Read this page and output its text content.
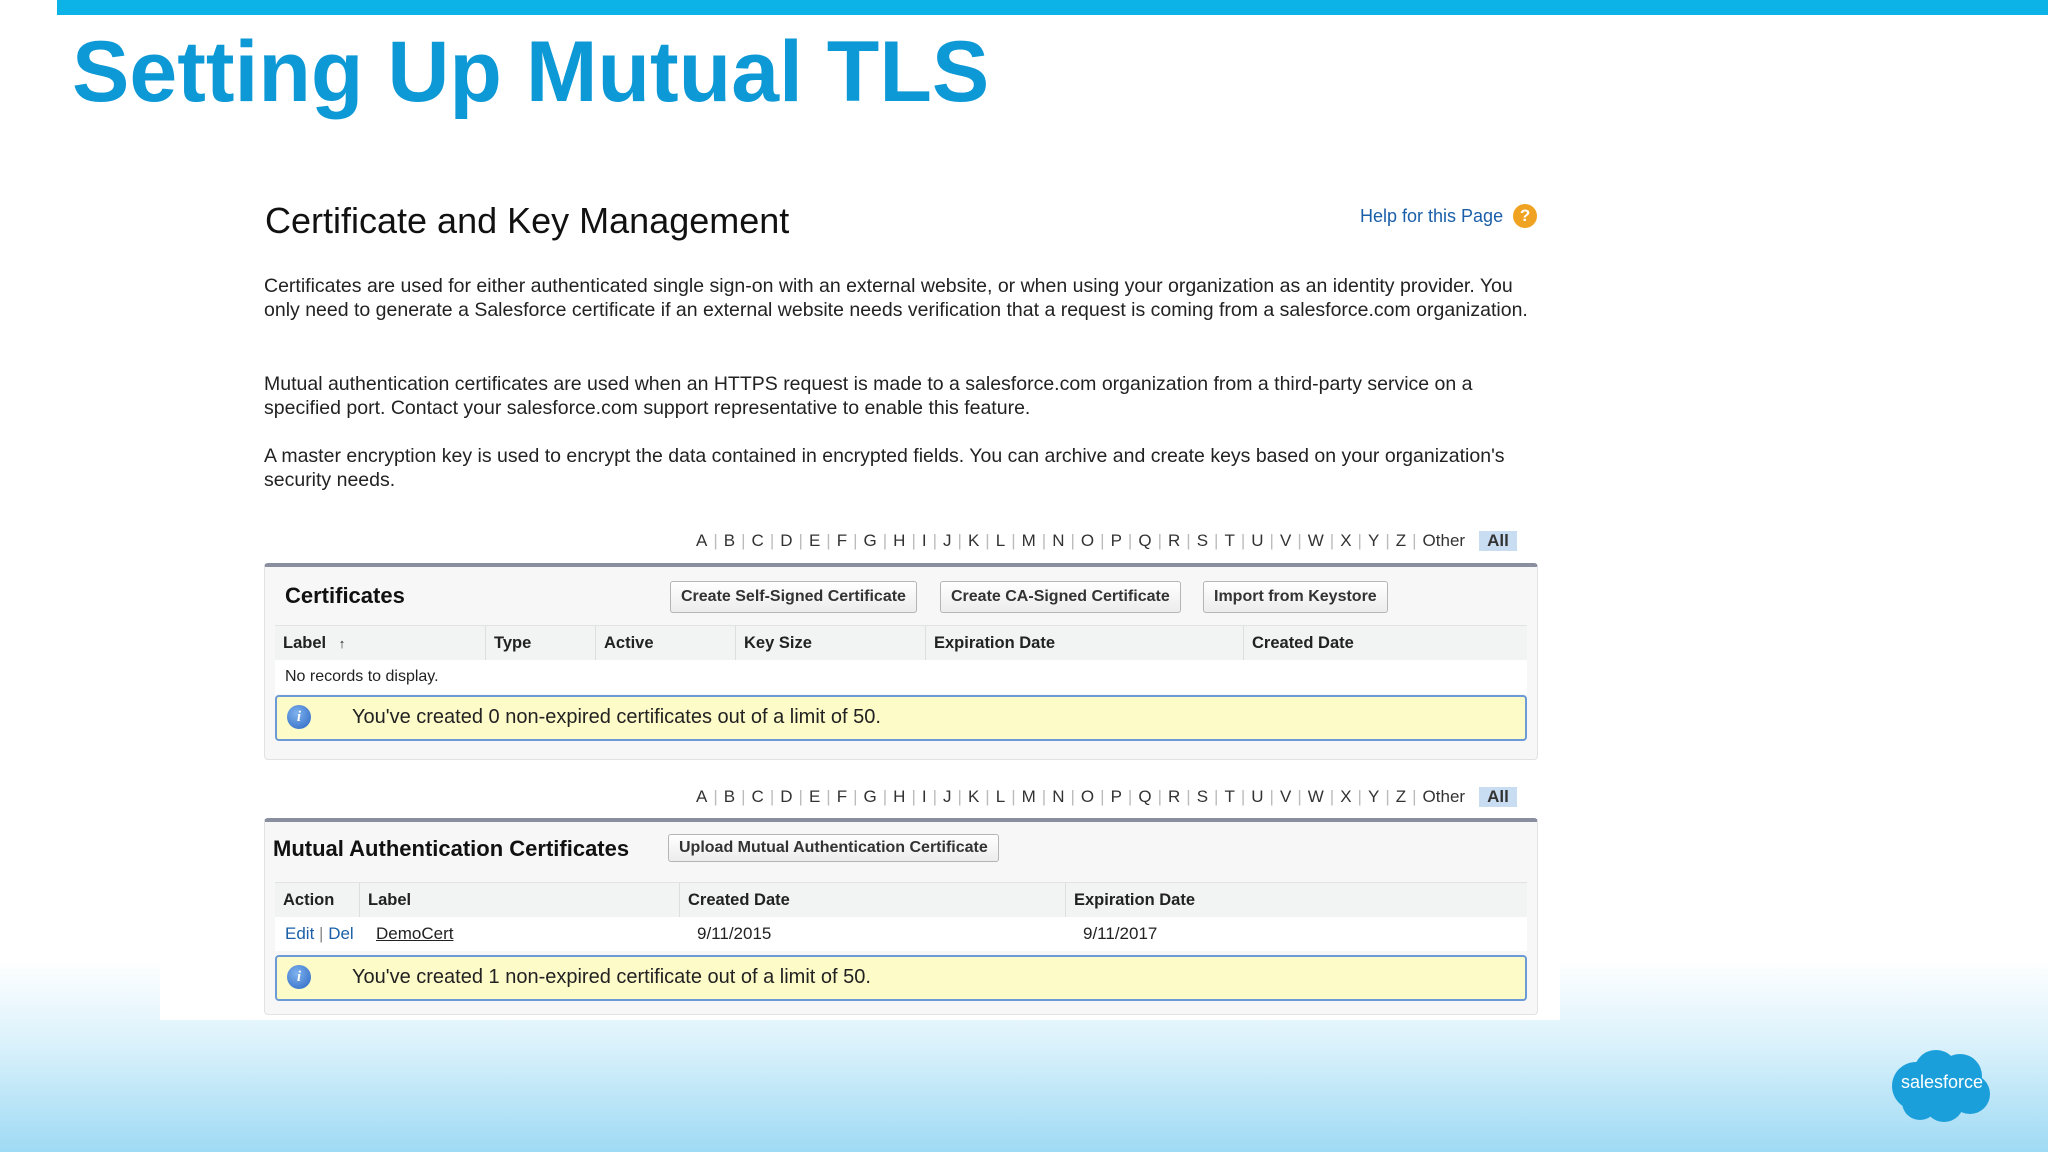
Setting Up Mutual TLS
Certificate and Key Management	Help for this Page ?

Certificates are used for either authenticated single sign-on with an external website, or when using your organization as an identity provider. You only need to generate a Salesforce certificate if an external website needs verification that a request is coming from a salesforce.com organization.

Mutual authentication certificates are used when an HTTPS request is made to a salesforce.com organization from a third-party service on a specified port. Contact your salesforce.com support representative to enable this feature.

A master encryption key is used to encrypt the data contained in encrypted fields. You can archive and create keys based on your organization's security needs.

A | B | C | D | E | F | G | H | I | J | K | L | M | N | O | P | Q | R | S | T | U | V | W | X | Y | Z | Other	All
Certificates	Create Self-Signed Certificate	Create CA-Signed Certificate	Import from Keystore
Label ↑	Type	Active	Key Size	Expiration Date	Created Date
No records to display.
i	You've created 0 non-expired certificates out of a limit of 50.
A | B | C | D | E | F | G | H | I | J | K | L | M | N | O | P | Q | R | S | T | U | V | W | X | Y | Z | Other	All
Mutual Authentication Certificates	Upload Mutual Authentication Certificate
Action	Label	Created Date	Expiration Date
Edit | Del DemoCert	9/11/2015	9/11/2017
i	You've created 1 non-expired certificate out of a limit of 50.
salesforce
